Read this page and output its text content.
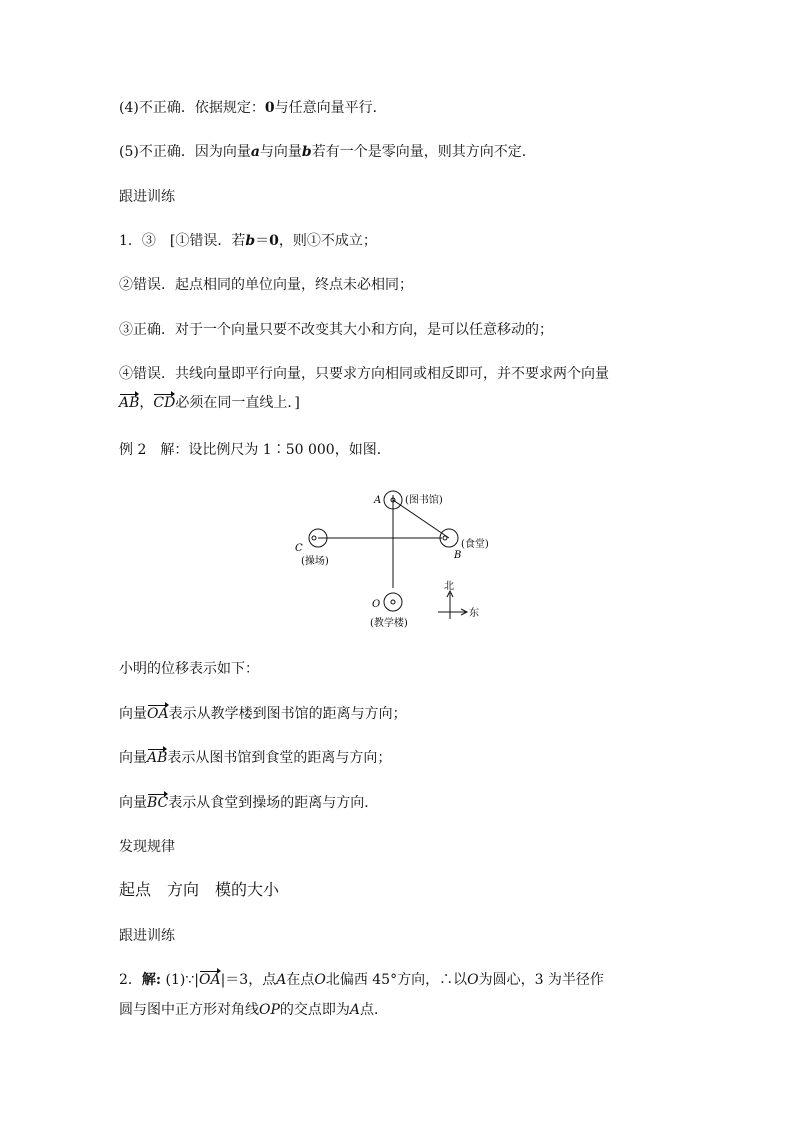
(4)不正确．依据规定：0与任意向量平行．
(5)不正确．因为向量a与向量b若有一个是零向量，则其方向不定．
跟进训练
1．③　[①错误．若b＝0，则①不成立；
②错误．起点相同的单位向量，终点未必相同；
③正确．对于一个向量只要不改变其大小和方向，是可以任意移动的；
④错误．共线向量即平行向量，只要求方向相同或相反即可，并不要求两个向量
AB，CD必须在同一直线上．]
例 2　解：设比例尺为 1∶50 000，如图．
A (图书馆)
B
(食堂)
C
(操场)
O
(教学楼)
北
东
小明的位移表示如下：
向量OA表示从教学楼到图书馆的距离与方向；
向量AB表示从图书馆到食堂的距离与方向；
向量BC表示从食堂到操场的距离与方向．
发现规律
起点　方向　模的大小
跟进训练
2．解: (1)∵|OA|＝3，点A在点O北偏西 45°方向，∴以O为圆心，3 为半径作
圆与图中正方形对角线OP的交点即为A点．
